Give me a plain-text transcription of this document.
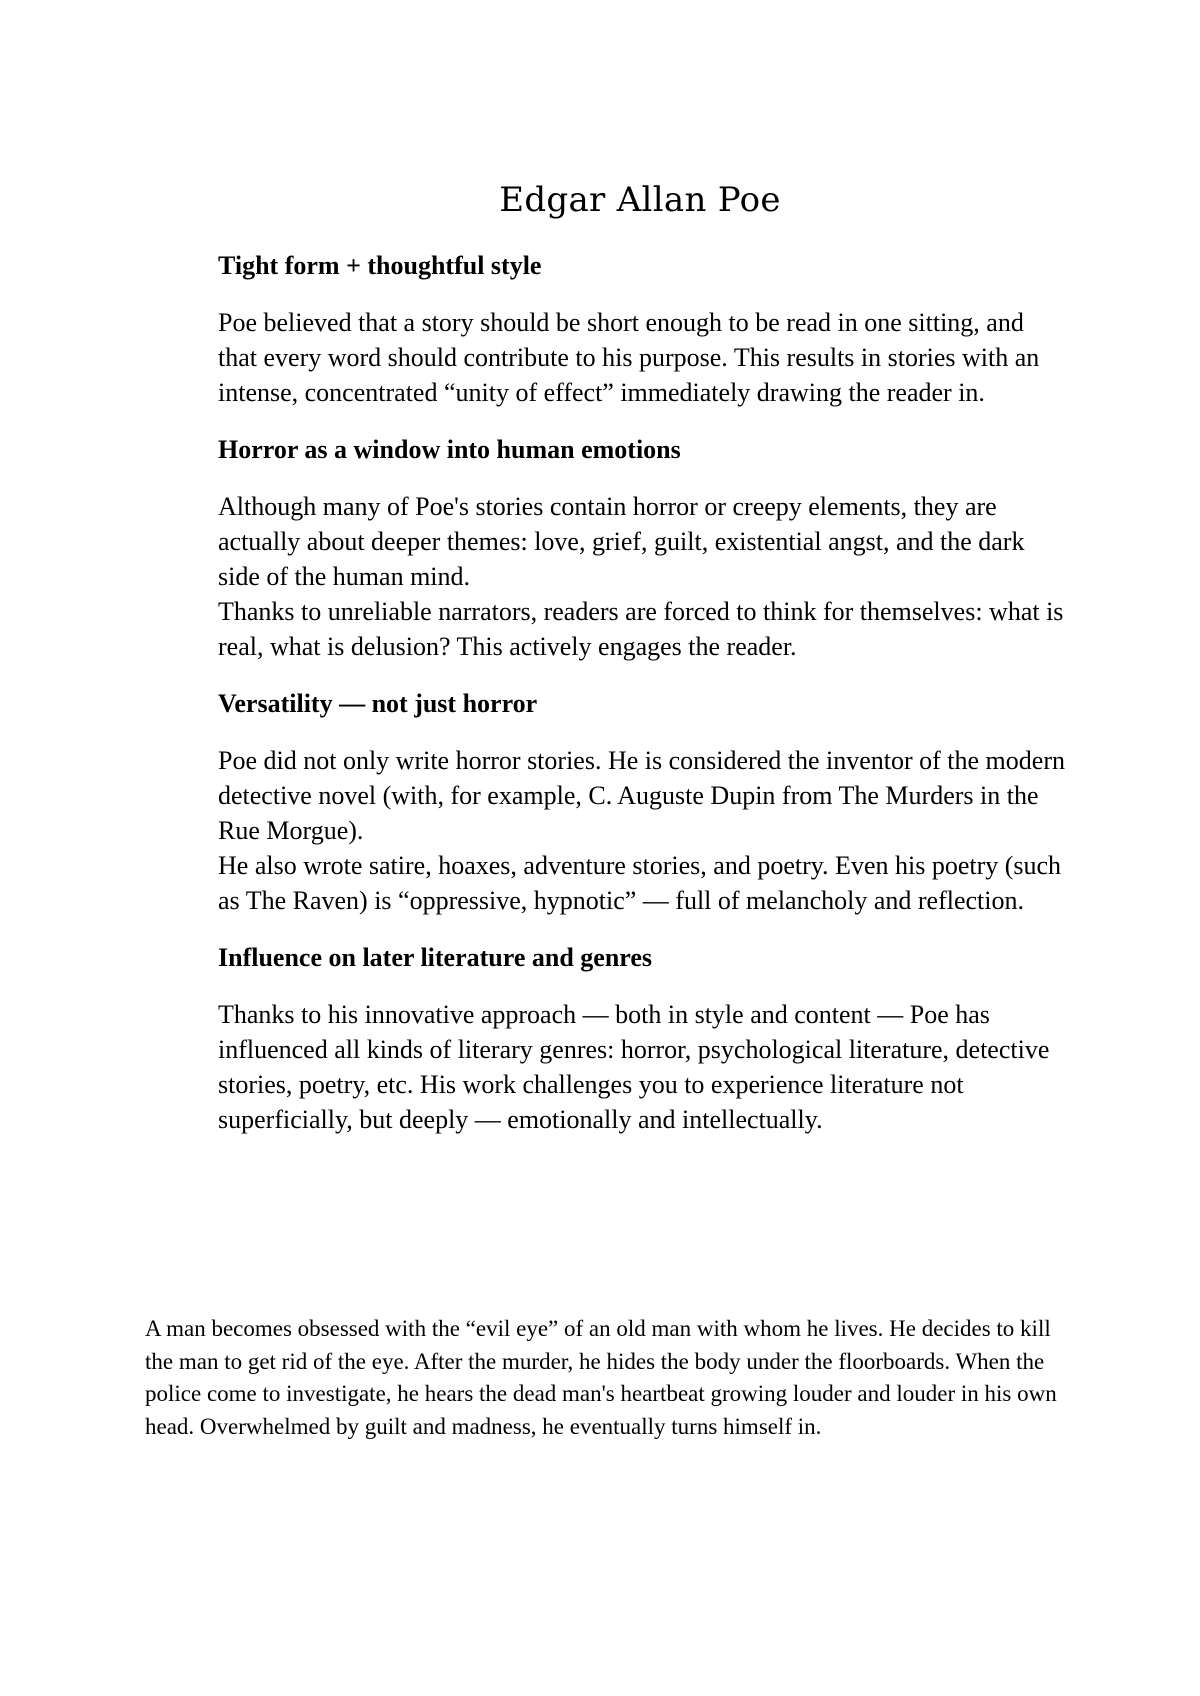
Edgar Allan Poe
Tight form + thoughtful style
Poe believed that a story should be short enough to be read in one sitting, and that every word should contribute to his purpose. This results in stories with an intense, concentrated “unity of effect” immediately drawing the reader in.
Horror as a window into human emotions
Although many of Poe's stories contain horror or creepy elements, they are actually about deeper themes: love, grief, guilt, existential angst, and the dark side of the human mind.
Thanks to unreliable narrators, readers are forced to think for themselves: what is real, what is delusion? This actively engages the reader.
Versatility — not just horror
Poe did not only write horror stories. He is considered the inventor of the modern detective novel (with, for example, C. Auguste Dupin from The Murders in the Rue Morgue).
He also wrote satire, hoaxes, adventure stories, and poetry. Even his poetry (such as The Raven) is “oppressive, hypnotic” — full of melancholy and reflection.
Influence on later literature and genres
Thanks to his innovative approach — both in style and content — Poe has influenced all kinds of literary genres: horror, psychological literature, detective stories, poetry, etc. His work challenges you to experience literature not superficially, but deeply — emotionally and intellectually.

A man becomes obsessed with the “evil eye” of an old man with whom he lives. He decides to kill the man to get rid of the eye. After the murder, he hides the body under the floorboards. When the police come to investigate, he hears the dead man's heartbeat growing louder and louder in his own head. Overwhelmed by guilt and madness, he eventually turns himself in.
